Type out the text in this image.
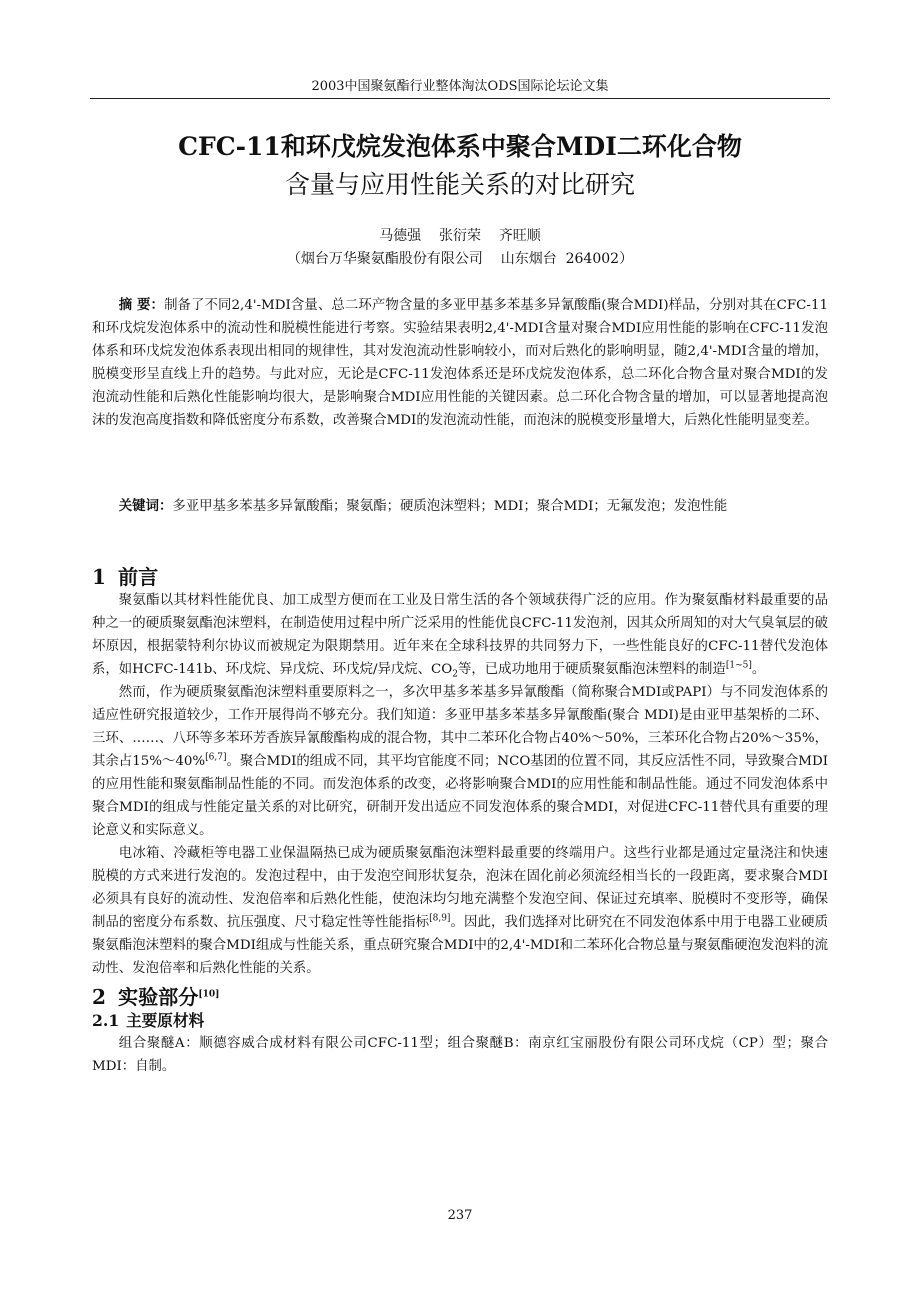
2003中国聚氨酯行业整体淘汰ODS国际论坛论文集
CFC-11和环戊烷发泡体系中聚合MDI二环化合物
含量与应用性能关系的对比研究
马德强    张衍荣    齐旺顺
（烟台万华聚氨酯股份有限公司    山东烟台  264002）

摘 要：制备了不同2,4'-MDI含量、总二环产物含量的多亚甲基多苯基多异氰酸酯(聚合MDI)样品，分别对其在CFC-11和环戊烷发泡体系中的流动性和脱模性能进行考察。实验结果表明2,4'-MDI含量对聚合MDI应用性能的影响在CFC-11发泡体系和环戊烷发泡体系表现出相同的规律性，其对发泡流动性影响较小，而对后熟化的影响明显，随2,4'-MDI含量的增加，脱模变形呈直线上升的趋势。与此对应，无论是CFC-11发泡体系还是环戊烷发泡体系，总二环化合物含量对聚合MDI的发泡流动性能和后熟化性能影响均很大，是影响聚合MDI应用性能的关键因素。总二环化合物含量的增加，可以显著地提高泡沫的发泡高度指数和降低密度分布系数，改善聚合MDI的发泡流动性能，而泡沫的脱模变形量增大，后熟化性能明显变差。

关键词：多亚甲基多苯基多异氰酸酯；聚氨酯；硬质泡沫塑料；MDI；聚合MDI；无氟发泡；发泡性能

1 前言

聚氨酯以其材料性能优良、加工成型方便而在工业及日常生活的各个领域获得广泛的应用。作为聚氨酯材料最重要的品种之一的硬质聚氨酯泡沫塑料，在制造使用过程中所广泛采用的性能优良CFC-11发泡剂，因其众所周知的对大气臭氧层的破坏原因，根据蒙特利尔协议而被规定为限期禁用。近年来在全球科技界的共同努力下，一些性能良好的CFC-11替代发泡体系，如HCFC-141b、环戊烷、异戊烷、环戊烷/异戊烷、$CO_2$等，已成功地用于硬质聚氨酯泡沫塑料的制造[1~5]。

然而，作为硬质聚氨酯泡沫塑料重要原料之一，多次甲基多苯基多异氰酸酯（简称聚合MDI或PAPI）与不同发泡体系的适应性研究报道较少，工作开展得尚不够充分。我们知道：多亚甲基多苯基多异氰酸酯(聚合 MDI)是由亚甲基架桥的二环、三环、……、八环等多苯环芳香族异氰酸酯构成的混合物，其中二苯环化合物占40%～50%，三苯环化合物占20%～35%，其余占15%～40%[6,7]。聚合MDI的组成不同，其平均官能度不同；NCO基团的位置不同，其反应活性不同，导致聚合MDI的应用性能和聚氨酯制品性能的不同。而发泡体系的改变，必将影响聚合MDI的应用性能和制品性能。通过不同发泡体系中聚合MDI的组成与性能定量关系的对比研究，研制开发出适应不同发泡体系的聚合MDI，对促进CFC-11替代具有重要的理论意义和实际意义。

电冰箱、冷藏柜等电器工业保温隔热已成为硬质聚氨酯泡沫塑料最重要的终端用户。这些行业都是通过定量浇注和快速脱模的方式来进行发泡的。发泡过程中，由于发泡空间形状复杂，泡沫在固化前必须流经相当长的一段距离，要求聚合MDI必须具有良好的流动性、发泡倍率和后熟化性能，使泡沫均匀地充满整个发泡空间、保证过充填率、脱模时不变形等，确保制品的密度分布系数、抗压强度、尺寸稳定性等性能指标[8,9]。因此，我们选择对比研究在不同发泡体系中用于电器工业硬质聚氨酯泡沫塑料的聚合MDI组成与性能关系，重点研究聚合MDI中的2,4'-MDI和二苯环化合物总量与聚氨酯硬泡发泡料的流动性、发泡倍率和后熟化性能的关系。

2 实验部分[10]
2.1 主要原材料

组合聚醚A：顺德容威合成材料有限公司CFC-11型；组合聚醚B：南京红宝丽股份有限公司环戊烷（CP）型；聚合MDI：自制。

237
